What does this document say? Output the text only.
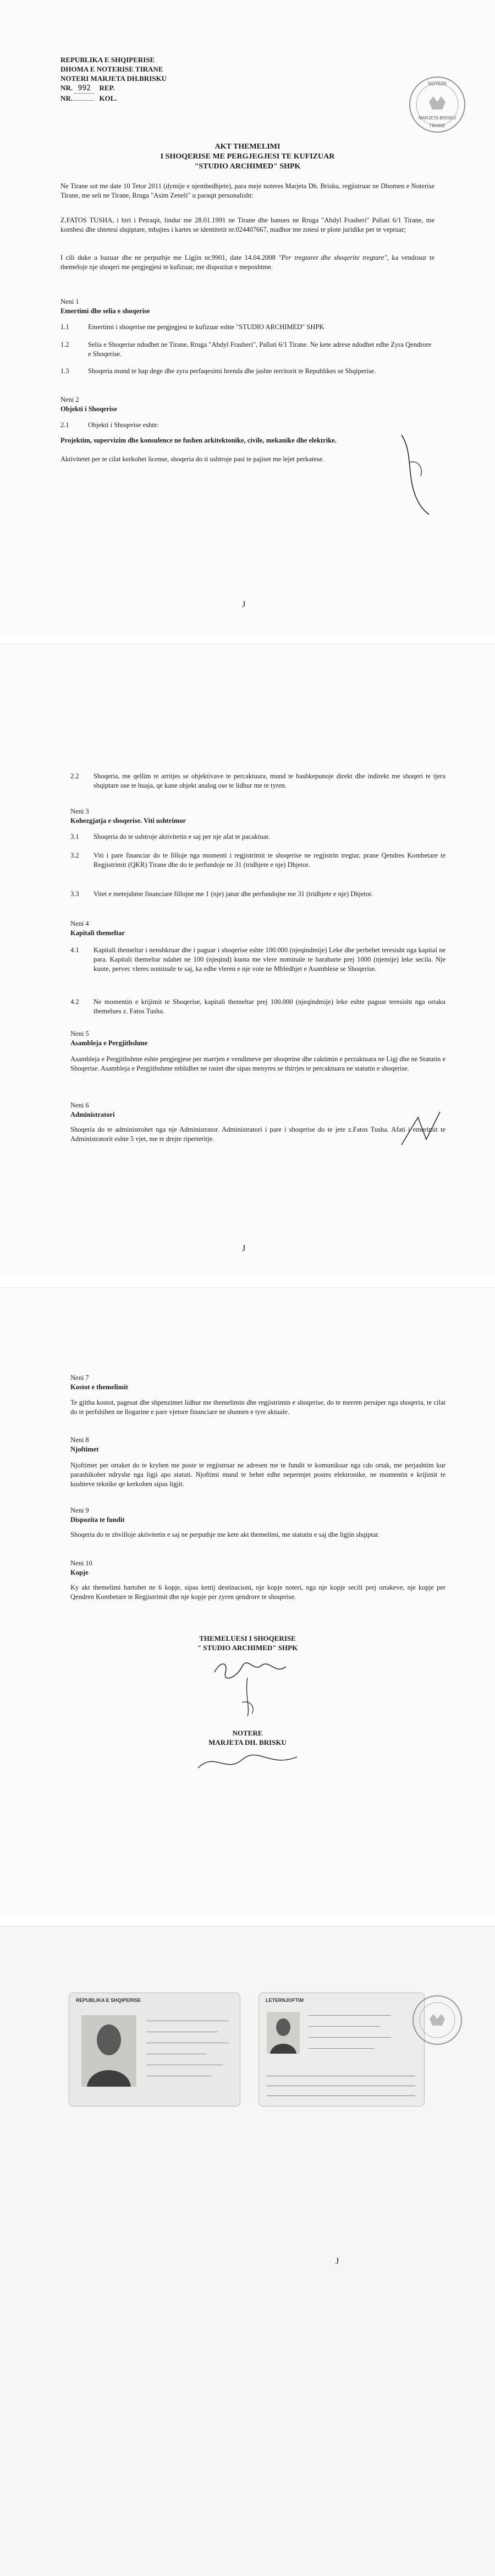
REPUBLIKA E SHQIPERISE
DHOMA E NOTERISE TIRANE
NOTERI MARJETA DH.BRISKU
NR. 992 REP.
NR.	KOL.
NOTERI
MARJETA BRISKU
TIRANE
AKT THEMELIMI
I SHOQERISE ME PERGJEGJESI TE KUFIZUAR
"STUDIO ARCHIMED" SHPK
Ne Tirane sot me date 10 Tetor 2011 (dymije e njembedhjete), para meje noteres Marjeta Dh. Brisku, regjistruar ne Dhomen e Noterise Tirane, me seli ne Tirane, Rruga "Asim Zeneli" u paraqit personalisht:
Z.FATOS TUSHA, i biri i Petraqit, lindur me 28.01.1991 ne Tirane dhe banues ne Rruga "Abdyl Frasheri" Pallati 6/1 Tirane, me kombesi dhe shtetesi shqiptare, mbajtes i kartes se identitetit nr.024407667, madhor me zotesi te plote juridike per te vepruar;
I cili duke u bazuar dhe ne perputhje me Ligjin nr.9901, date 14.04.2008 "Per tregtaret dhe shoqerite tregtare", ka vendosur te themeloje nje shoqeri me pergjegjesi te kufizuar, me dispozitat e meposhtme.
Neni 1
Emertimi dhe selia e shoqerise
1.1	Emertimi i shoqerise me pergjegjesi te kufizuar eshte "STUDIO ARCHIMED" SHPK
1.2	Selia e Shoqerise ndodhet ne Tirane, Rruga "Abdyl Frasheri", Pallati 6/1 Tirane. Ne kete adrese ndodhet edhe Zyra Qendrore e Shoqerise.
1.3	Shoqeria mund te hap dege dhe zyra perfaqesimi brenda dhe jashte territorit te Republikes se Shqiperise.
Neni 2
Objekti i Shoqerise
2.1	Objekti i Shoqerise eshte:
Projektim, supervizim dhe konsulence ne fushen arkitektonike, civile, mekanike dhe elektrike.
Aktivitetet per te cilat kerkohet license, shoqeria do ti ushtroje pasi te pajiset me lejet perkatese.
J
2.2 Shoqeria, me qellim te arritjes se objektivave te percaktuara, mund te bashkepunoje direkt dhe indirekt me shoqeri te tjera shqiptare ose te huaja, qe kane objekt analog ose te lidhur me te tyren.
Neni 3
Kohezgjatja e shoqerise. Viti ushtrimor
3.1 Shoqeria do te ushtroje aktivitetin e saj per nje afat te pacaktuar.
3.2 Viti i pare financiar do te filloje nga momenti i regjistrimit te shoqerise ne regjistrin tregtar, prane Qendres Kombetare te Regjistrimit (QKR) Tirane dhe do te perfundoje ne 31 (tridhjete e nje) Dhjetor.
3.3 Vitet e metejshme financiare fillojne me 1 (nje) janar dhe perfundojne me 31 (tridhjete e nje) Dhjetor.
Neni 4
Kapitali themeltar
4.1 Kapitali themeltar i nenshkruar dhe i paguar i shoqerise eshte 100.000 (njeqindmije) Leke dhe perbehet teresisht nga kapital ne para. Kapitali themeltar ndahet ne 100 (njeqind) kuota me vlere nominale te barabarte prej 1000 (njemije) leke secila. Nje kuote, pervec vleres nominale te saj, ka edhe vleren e nje vote ne Mbledhjet e Asamblese se Shoqerise.
4.2 Ne momentin e krijimit te Shoqerise, kapitali themeltar prej 100.000 (njeqindmije) leke eshte paguar teresisht nga ortaku themelues z. Fatos Tusha.
Neni 5
Asambleja e Pergjithshme
Asambleja e Pergjithshme eshte pergjegjese per marrjen e vendimeve per shoqerine dhe caktimin e perzaktuara ne Ligj dhe ne Statutin e Shoqerise. Asambleja e Pergjithshme mblidhet ne rastet dhe sipas menyres se thirrjes te percaktuara ne statutin e shoqerise.
Neni 6
Administratori
Shoqeria do te administrohet nga nje Administrator. Administratori i pare i shoqerise do te jete z.Fatos Tusha. Afati i emerimit te Administratorit eshte 5 vjet, me te drejte riperteritje.
J
Neni 7
Kostot e themelimit
Te gjitha kostot, pagesat dhe shpenzimet lidhur me themelimin dhe regjistrimin e shoqerise, do te merren persiper nga shoqeria, te cilat do te perfshihen ne llogarine e pare vjetore financiare ne shumen e tyre aktuale.
Neni 8
Njoftimet
Njoftimet per ortaket do te kryhen me poste te regjistruar ne adresen me te fundit te komunikuar nga cdo ortak, me perjashtim kur parashikohet ndryshe nga ligji apo statuti. Njoftimi mund te behet edhe nepermjet postes elektronike, ne momentin e krijimit te kushteve teknike qe kerkohen sipas ligjit.
Neni 9
Dispozita te fundit
Shoqeria do te zhvilloje aktivitetin e saj ne perputhje me kete akt themelimi, me statutin e saj dhe ligjin shqiptar.
Neni 10
Kopje
Ky akt themelimi hartohet ne 6 kopje, sipas kettij destinacioni, nje kopje noteri, nga nje kopje secili prej ortakeve, nje kopje per Qendren Kombetare te Regjistrimit dhe nje kopje per zyren qendrore te shoqerise.
THEMELUESI I SHOQERISE
" STUDIO ARCHIMED" SHPK
NOTERE
MARJETA DH. BRISKU
REPUBLIKA E SHQIPERISE	LETERNJOFTIM
J
